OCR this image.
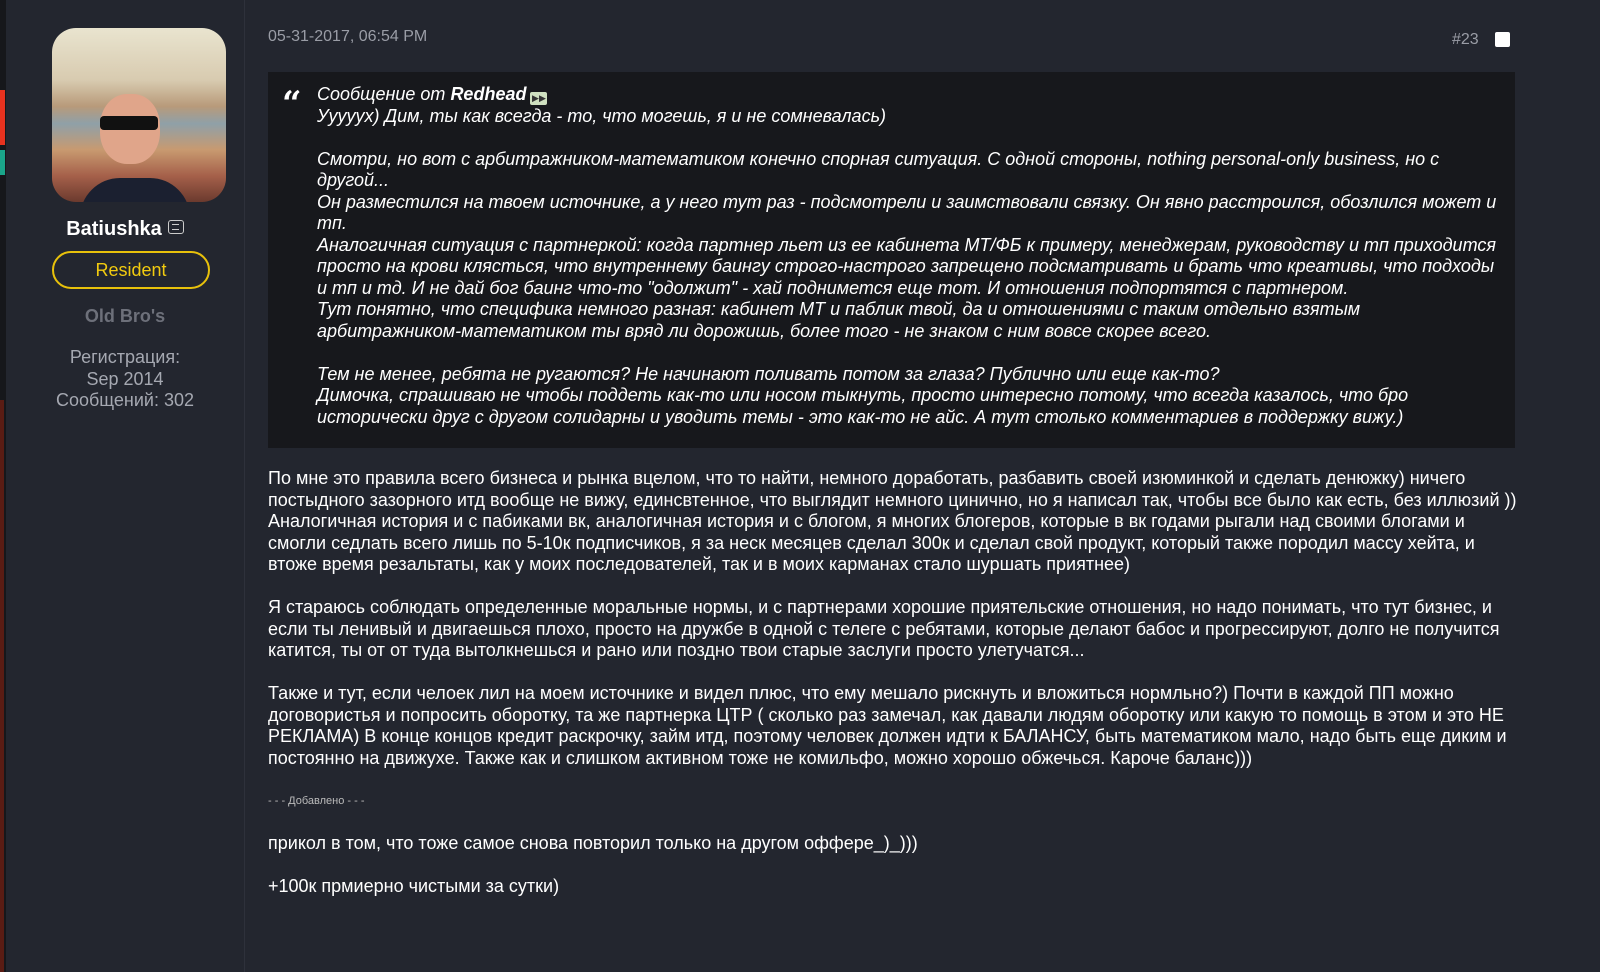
Batiushka
Resident
Old Bro's
Регистрация:
Sep 2014
Сообщений: 302
05-31-2017, 06:54 PM	#23
“ Сообщение от Redhead ▶▶

Уууууx) Дим, ты как всегда - то, что могешь, я и не сомневалась)

Смотри, но вот с арбитражником-математиком конечно спорная ситуация. С одной стороны, nothing personal-only business, но с другой...
Он разместился на твоем источнике, а у него тут раз - подсмотрели и заимствовали связку. Он явно расстроился, обозлился может и тп.
Аналогичная ситуация с партнеркой: когда партнер льет из ее кабинета МТ/ФБ к примеру, менеджерам, руководству и тп приходится просто на крови клясться, что внутреннему баингу строго-настрого запрещено подсматривать и брать что креативы, что подходы и тп и тд. И не дай бог баинг что-то "одолжит" - хай поднимется еще тот. И отношения подпортятся с партнером.
Тут понятно, что специфика немного разная: кабинет МТ и паблик твой, да и отношениями с таким отдельно взятым арбитражником-математиком ты вряд ли дорожишь, более того - не знаком с ним вовсе скорее всего.

Тем не менее, ребята не ругаются? Не начинают поливать потом за глаза? Публично или еще как-то?
Димочка, спрашиваю не чтобы поддеть как-то или носом тыкнуть, просто интересно потому, что всегда казалось, что бро исторически друг с другом солидарны и уводить темы - это как-то не айс. А тут столько комментариев в поддержку вижу.)

По мне это правила всего бизнеса и рынка вцелом, что то найти, немного доработать, разбавить своей изюминкой и сделать денюжку) ничего постыдного зазорного итд вообще не вижу, единсвтенное, что выглядит немного цинично, но я написал так, чтобы все было как есть, без иллюзий )) Аналогичная история и с пабиками вк, аналогичная история и с блогом, я многих блогеров, которые в вк годами рыгали над своими блогами и смогли седлать всего лишь по 5-10к подписчиков, я за неск месяцев сделал 300к и сделал свой продукт, который также породил массу хейта, и втоже время резальтаты, как у моих последователей, так и в моих карманах стало шуршать приятнее)

Я стараюсь соблюдать определенные моральные нормы, и с партнерами хорошие приятельские отношения, но надо понимать, что тут бизнес, и если ты ленивый и двигаешься плохо, просто на дружбе в одной с телеге с ребятами, которые делают бабос и прогрессируют, долго не получится катится, ты от от туда вытолкнешься и рано или поздно твои старые заслуги просто улетучатся...

Также и тут, если челоек лил на моем источнике и видел плюс, что ему мешало рискнуть и вложиться нормльно?) Почти в каждой ПП можно договористья и попросить оборотку, та же партнерка ЦТР ( сколько раз замечал, как давали людям оборотку или какую то помощь в этом и это НЕ РЕКЛАМА) В конце концов кредит раскрочку, займ итд, поэтому человек должен идти к БАЛАНСУ, быть математиком мало, надо быть еще диким и постоянно на движухе. Также как и слишком активном тоже не комильфо, можно хорошо обжечься. Кароче баланс)))

- - - Добавлено - - -

прикол в том, что тоже самое снова повторил только на другом оффере_)_)))

+100к прмиерно чистыми за сутки)
